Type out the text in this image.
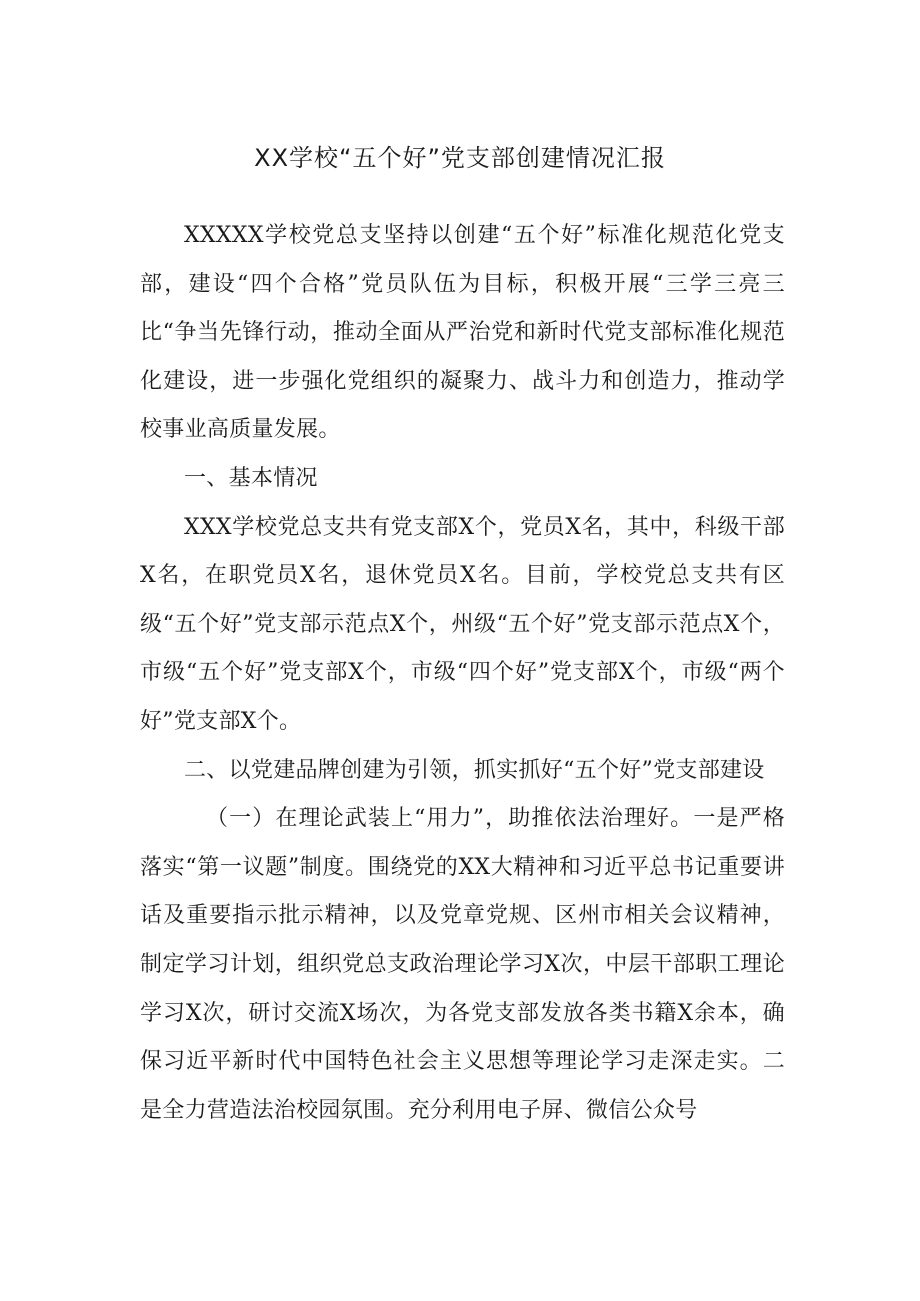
XX学校“五个好”党支部创建情况汇报

XXXXX学校党总支坚持以创建“五个好”标准化规范化党支部，建设“四个合格”党员队伍为目标，积极开展“三学三亮三比“争当先锋行动，推动全面从严治党和新时代党支部标准化规范化建设，进一步强化党组织的凝聚力、战斗力和创造力，推动学校事业高质量发展。

一、基本情况

XXX学校党总支共有党支部X个，党员X名，其中，科级干部X名，在职党员X名，退休党员X名。目前，学校党总支共有区级“五个好”党支部示范点X个，州级“五个好”党支部示范点X个，市级“五个好”党支部X个，市级“四个好”党支部X个，市级“两个好”党支部X个。

二、以党建品牌创建为引领，抓实抓好“五个好”党支部建设

（一）在理论武装上“用力”，助推依法治理好。一是严格落实“第一议题”制度。围绕党的XX大精神和习近平总书记重要讲话及重要指示批示精神，以及党章党规、区州市相关会议精神，制定学习计划，组织党总支政治理论学习X次，中层干部职工理论学习X次，研讨交流X场次，为各党支部发放各类书籍X余本，确保习近平新时代中国特色社会主义思想等理论学习走深走实。二是全力营造法治校园氛围。充分利用电子屏、微信公众号
